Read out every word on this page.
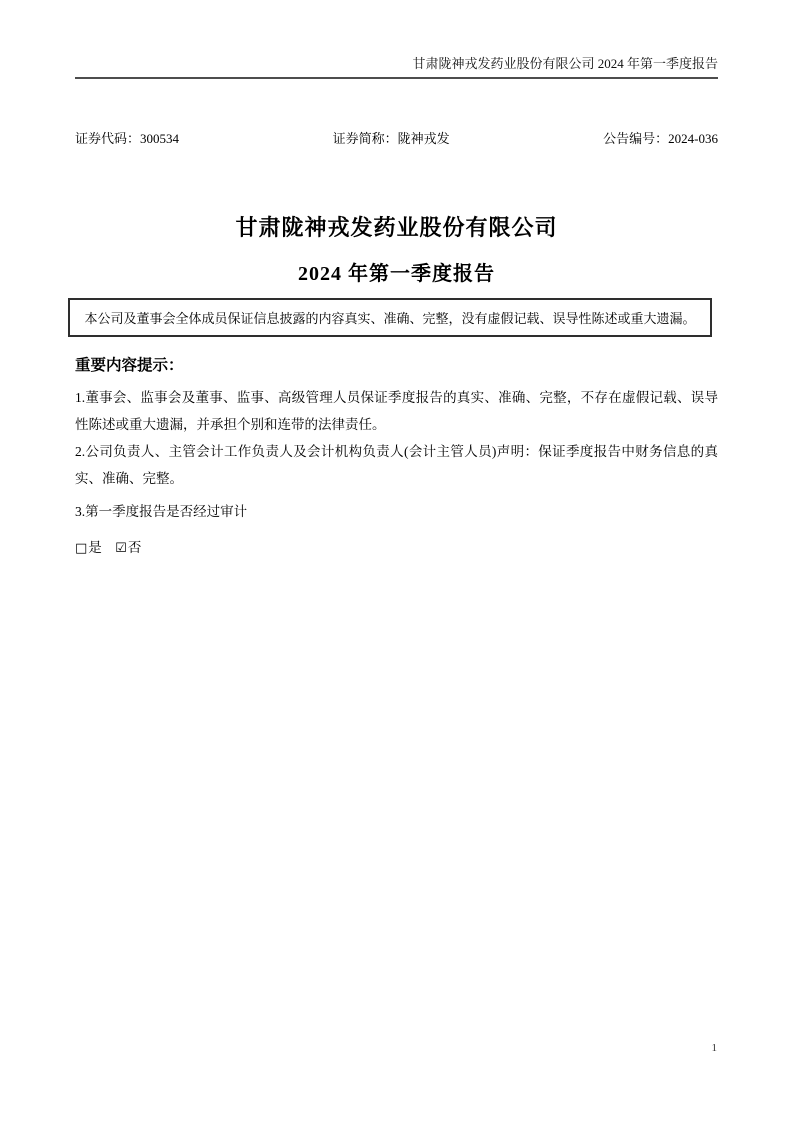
甘肃陇神戎发药业股份有限公司 2024 年第一季度报告
证券代码：300534	证券简称：陇神戎发	公告编号：2024-036
甘肃陇神戎发药业股份有限公司
2024 年第一季度报告

本公司及董事会全体成员保证信息披露的内容真实、准确、完整，没有虚假记载、误导性陈述或重大遗漏。

重要内容提示：

1.董事会、监事会及董事、监事、高级管理人员保证季度报告的真实、准确、完整，不存在虚假记载、误导性陈述或重大遗漏，并承担个别和连带的法律责任。

2.公司负责人、主管会计工作负责人及会计机构负责人(会计主管人员)声明：保证季度报告中财务信息的真实、准确、完整。

3.第一季度报告是否经过审计

□是 ☑否
1
